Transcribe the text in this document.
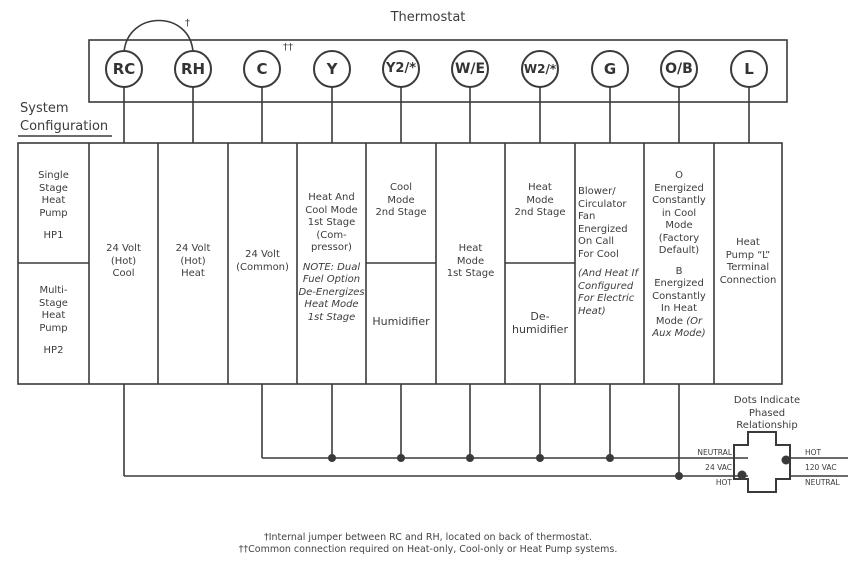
Thermostat
RC	RH	C	Y	Y2/*	W/E	W2/*	G	O/B	L
†
††
System
Configuration
Single
Stage
Heat
Pump
HP1
Multi-
Stage
Heat
Pump
HP2
24 Volt
(Hot)
Cool
24 Volt
(Hot)
Heat
24 Volt
(Common)
Heat And
Cool Mode
1st Stage
(Com-
pressor)
NOTE: Dual
Fuel Option
De-Energizes
Heat Mode
1st Stage
Cool
Mode
2nd Stage
Humidifier
Heat
Mode
1st Stage
Heat
Mode
2nd Stage
De-
humidifier
Blower/
Circulator
Fan
Energized
On Call
For Cool
(And Heat If
Configured
For Electric
Heat)
O
Energized
Constantly
in Cool
Mode
(Factory
Default)
B
Energized
Constantly
In Heat
Mode (Or
Aux Mode)
Heat
Pump “L”
Terminal
Connection
Dots Indicate
Phased
Relationship
NEUTRAL
24 VAC
HOT
HOT
120 VAC
NEUTRAL
†Internal jumper between RC and RH, located on back of thermostat.
††Common connection required on Heat-only, Cool-only or Heat Pump systems.
